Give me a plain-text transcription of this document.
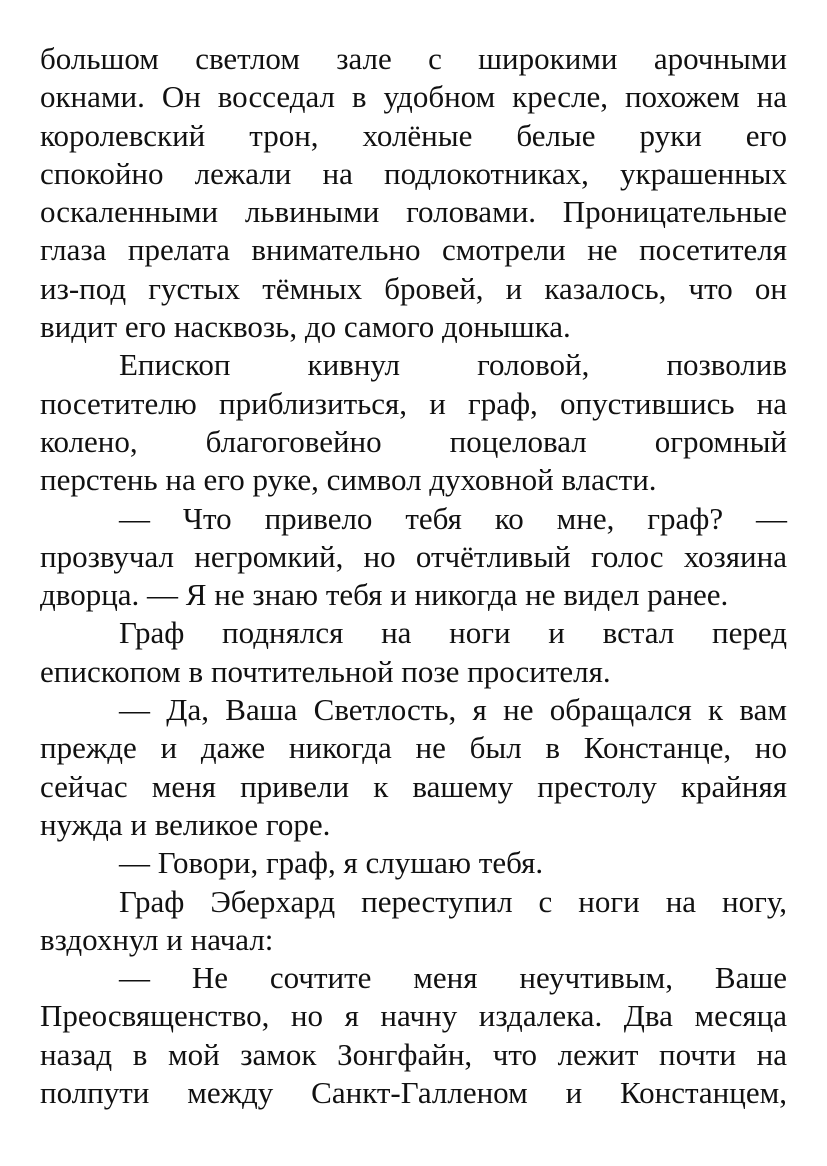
большом светлом зале с широкими арочными
окнами. Он восседал в удобном кресле, похожем на
королевский трон, холёные белые руки его
спокойно лежали на подлокотниках, украшенных
оскаленными львиными головами. Проницательные
глаза прелата внимательно смотрели не посетителя
из-под густых тёмных бровей, и казалось, что он
видит его насквозь, до самого донышка.
Епископ кивнул головой, позволив
посетителю приблизиться, и граф, опустившись на
колено, благоговейно поцеловал огромный
перстень на его руке, символ духовной власти.
— Что привело тебя ко мне, граф? —
прозвучал негромкий, но отчётливый голос хозяина
дворца. — Я не знаю тебя и никогда не видел ранее.
Граф поднялся на ноги и встал перед
епископом в почтительной позе просителя.
— Да, Ваша Светлость, я не обращался к вам
прежде и даже никогда не был в Констанце, но
сейчас меня привели к вашему престолу крайняя
нужда и великое горе.
— Говори, граф, я слушаю тебя.
Граф Эберхард переступил с ноги на ногу,
вздохнул и начал:
— Не сочтите меня неучтивым, Ваше
Преосвященство, но я начну издалека. Два месяца
назад в мой замок Зонгфайн, что лежит почти на
полпути между Санкт-Галленом и Констанцем,
